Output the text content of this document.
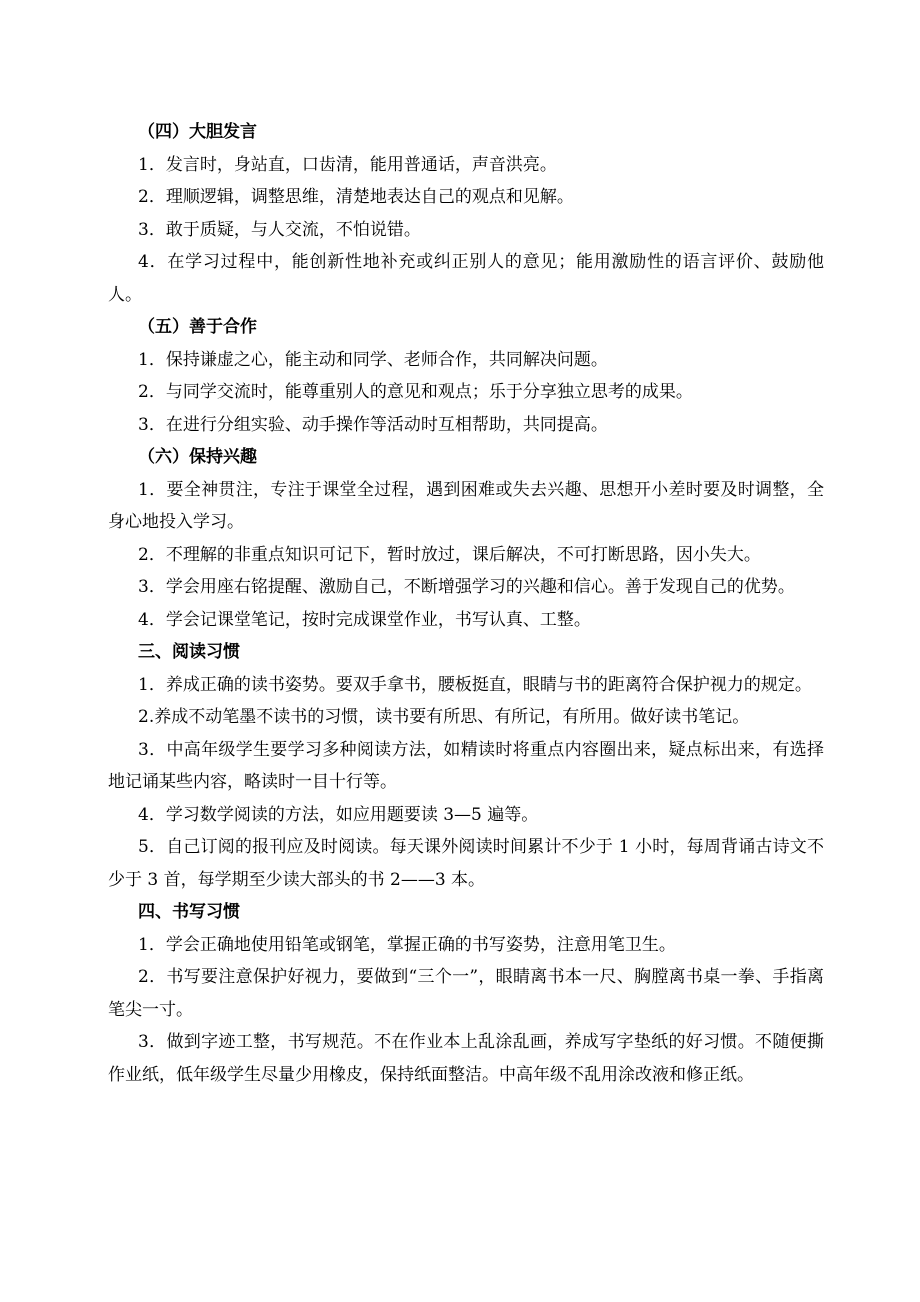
（四）大胆发言

1．发言时，身站直，口齿清，能用普通话，声音洪亮。

2．理顺逻辑，调整思维，清楚地表达自己的观点和见解。

3．敢于质疑，与人交流，不怕说错。

4．在学习过程中，能创新性地补充或纠正别人的意见；能用激励性的语言评价、鼓励他人。

（五）善于合作

1．保持谦虚之心，能主动和同学、老师合作，共同解决问题。

2．与同学交流时，能尊重别人的意见和观点；乐于分享独立思考的成果。

3．在进行分组实验、动手操作等活动时互相帮助，共同提高。

（六）保持兴趣

1．要全神贯注，专注于课堂全过程，遇到困难或失去兴趣、思想开小差时要及时调整，全身心地投入学习。

2．不理解的非重点知识可记下，暂时放过，课后解决，不可打断思路，因小失大。

3．学会用座右铭提醒、激励自己，不断增强学习的兴趣和信心。善于发现自己的优势。

4．学会记课堂笔记，按时完成课堂作业，书写认真、工整。

三、阅读习惯

1．养成正确的读书姿势。要双手拿书，腰板挺直，眼睛与书的距离符合保护视力的规定。

2.养成不动笔墨不读书的习惯，读书要有所思、有所记，有所用。做好读书笔记。

3．中高年级学生要学习多种阅读方法，如精读时将重点内容圈出来，疑点标出来，有选择地记诵某些内容，略读时一目十行等。

4．学习数学阅读的方法，如应用题要读 3—5 遍等。

5．自己订阅的报刊应及时阅读。每天课外阅读时间累计不少于 1 小时，每周背诵古诗文不少于 3 首，每学期至少读大部头的书 2——3 本。

四、书写习惯

1．学会正确地使用铅笔或钢笔，掌握正确的书写姿势，注意用笔卫生。

2．书写要注意保护好视力，要做到“三个一”，眼睛离书本一尺、胸膛离书桌一拳、手指离笔尖一寸。

3．做到字迹工整，书写规范。不在作业本上乱涂乱画，养成写字垫纸的好习惯。不随便撕作业纸，低年级学生尽量少用橡皮，保持纸面整洁。中高年级不乱用涂改液和修正纸。
